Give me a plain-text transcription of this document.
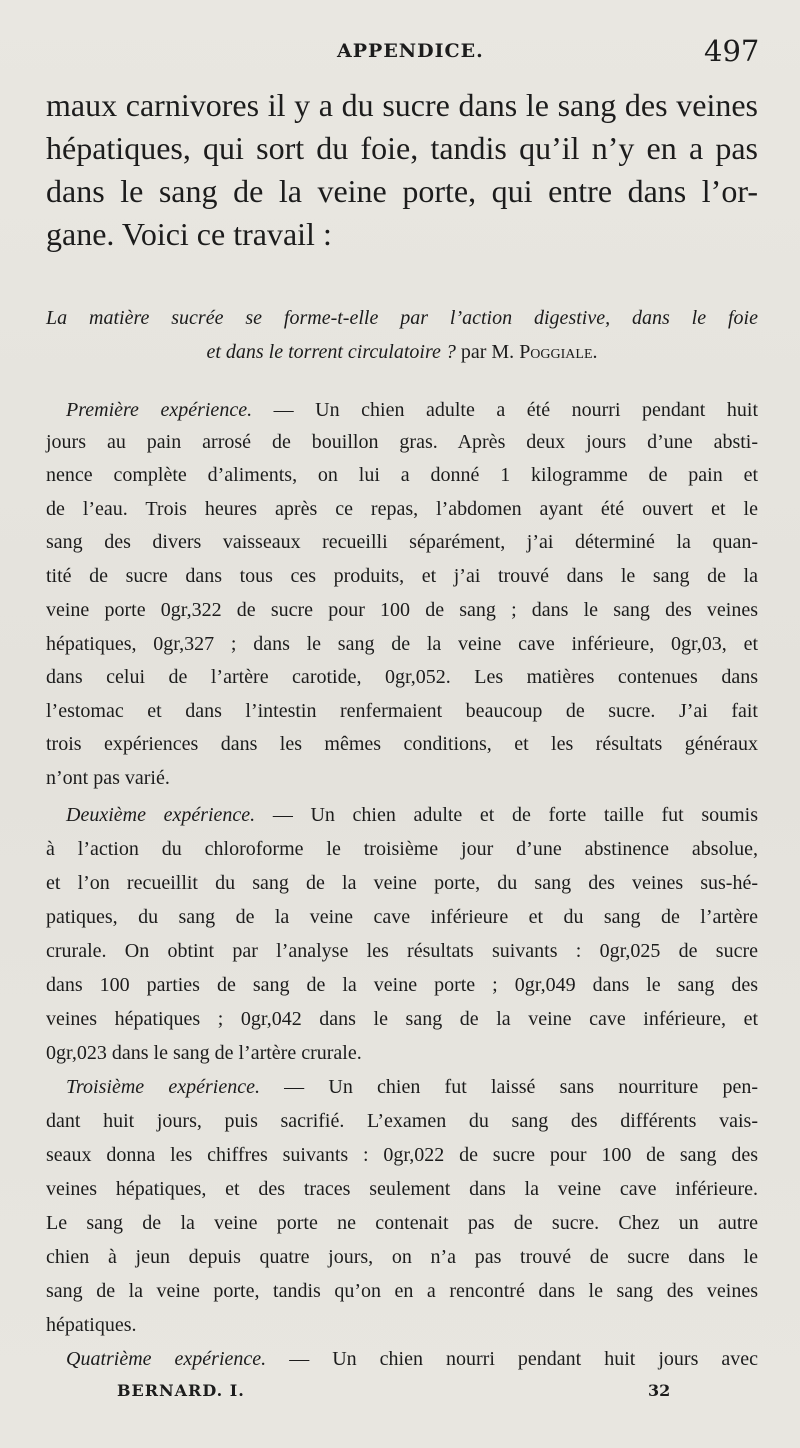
APPENDICE.	497
maux carnivores il y a du sucre dans le sang des veines
hépatiques, qui sort du foie, tandis qu’il n’y en a pas
dans le sang de la veine porte, qui entre dans l’or-
gane. Voici ce travail :
La matière sucrée se forme-t-elle par l’action digestive, dans le foie
et dans le torrent circulatoire ? par M. Poggiale.
Première expérience. — Un chien adulte a été nourri pendant huit
jours au pain arrosé de bouillon gras. Après deux jours d’une absti-
nence complète d’aliments, on lui a donné 1 kilogramme de pain et
de l’eau. Trois heures après ce repas, l’abdomen ayant été ouvert et le
sang des divers vaisseaux recueilli séparément, j’ai déterminé la quan-
tité de sucre dans tous ces produits, et j’ai trouvé dans le sang de la
veine porte 0gr,322 de sucre pour 100 de sang ; dans le sang des veines
hépatiques, 0gr,327 ; dans le sang de la veine cave inférieure, 0gr,03, et
dans celui de l’artère carotide, 0gr,052. Les matières contenues dans
l’estomac et dans l’intestin renfermaient beaucoup de sucre. J’ai fait
trois expériences dans les mêmes conditions, et les résultats généraux
n’ont pas varié.
Deuxième expérience. — Un chien adulte et de forte taille fut soumis
à l’action du chloroforme le troisième jour d’une abstinence absolue,
et l’on recueillit du sang de la veine porte, du sang des veines sus-hé-
patiques, du sang de la veine cave inférieure et du sang de l’artère
crurale. On obtint par l’analyse les résultats suivants : 0gr,025 de sucre
dans 100 parties de sang de la veine porte ; 0gr,049 dans le sang des
veines hépatiques ; 0gr,042 dans le sang de la veine cave inférieure, et
0gr,023 dans le sang de l’artère crurale.
Troisième expérience. — Un chien fut laissé sans nourriture pen-
dant huit jours, puis sacrifié. L’examen du sang des différents vais-
seaux donna les chiffres suivants : 0gr,022 de sucre pour 100 de sang des
veines hépatiques, et des traces seulement dans la veine cave inférieure.
Le sang de la veine porte ne contenait pas de sucre. Chez un autre
chien à jeun depuis quatre jours, on n’a pas trouvé de sucre dans le
sang de la veine porte, tandis qu’on en a rencontré dans le sang des veines
hépatiques.
Quatrième expérience. — Un chien nourri pendant huit jours avec
BERNARD. I.	32
